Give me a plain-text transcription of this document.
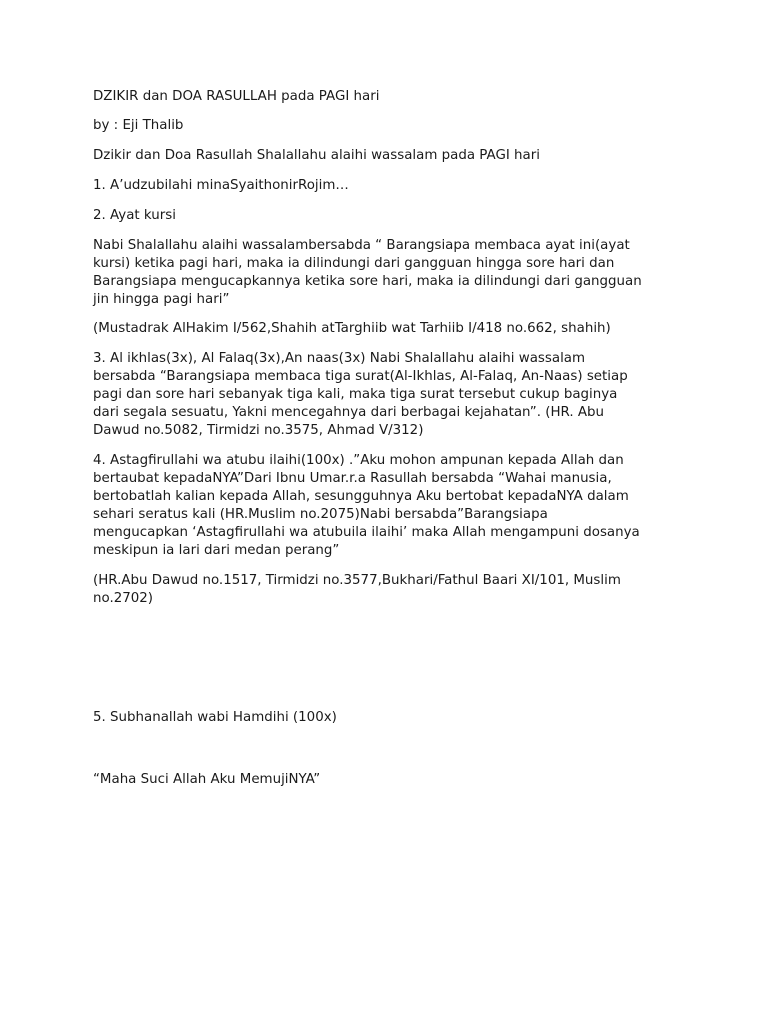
DZIKIR dan DOA RASULLAH pada PAGI hari

by : Eji Thalib

Dzikir dan Doa Rasullah Shalallahu alaihi wassalam pada PAGI hari

1. A’udzubilahi minaSyaithonirRojim…

2. Ayat kursi

Nabi Shalallahu alaihi wassalambersabda “ Barangsiapa membaca ayat ini(ayat
kursi) ketika pagi hari, maka ia dilindungi dari gangguan hingga sore hari dan
Barangsiapa mengucapkannya ketika sore hari, maka ia dilindungi dari gangguan
jin hingga pagi hari”

(Mustadrak AlHakim I/562,Shahih atTarghiib wat Tarhiib I/418 no.662, shahih)

3. Al ikhlas(3x), Al Falaq(3x),An naas(3x) Nabi Shalallahu alaihi wassalam
bersabda “Barangsiapa membaca tiga surat(Al-Ikhlas, Al-Falaq, An-Naas) setiap
pagi dan sore hari sebanyak tiga kali, maka tiga surat tersebut cukup baginya
dari segala sesuatu, Yakni mencegahnya dari berbagai kejahatan”. (HR. Abu
Dawud no.5082, Tirmidzi no.3575, Ahmad V/312)
4. Astagfirullahi wa atubu ilaihi(100x) .”Aku mohon ampunan kepada Allah dan
bertaubat kepadaNYA”Dari Ibnu Umar.r.a Rasullah bersabda “Wahai manusia,
bertobatlah kalian kepada Allah, sesungguhnya Aku bertobat kepadaNYA dalam
sehari seratus kali (HR.Muslim no.2075)Nabi bersabda”Barangsiapa
mengucapkan ‘Astagfirullahi wa atubuila ilaihi’ maka Allah mengampuni dosanya
meskipun ia lari dari medan perang”
(HR.Abu Dawud no.1517, Tirmidzi no.3577,Bukhari/Fathul Baari XI/101, Muslim
no.2702)

5. Subhanallah wabi Hamdihi (100x)

“Maha Suci Allah Aku MemujiNYA”
